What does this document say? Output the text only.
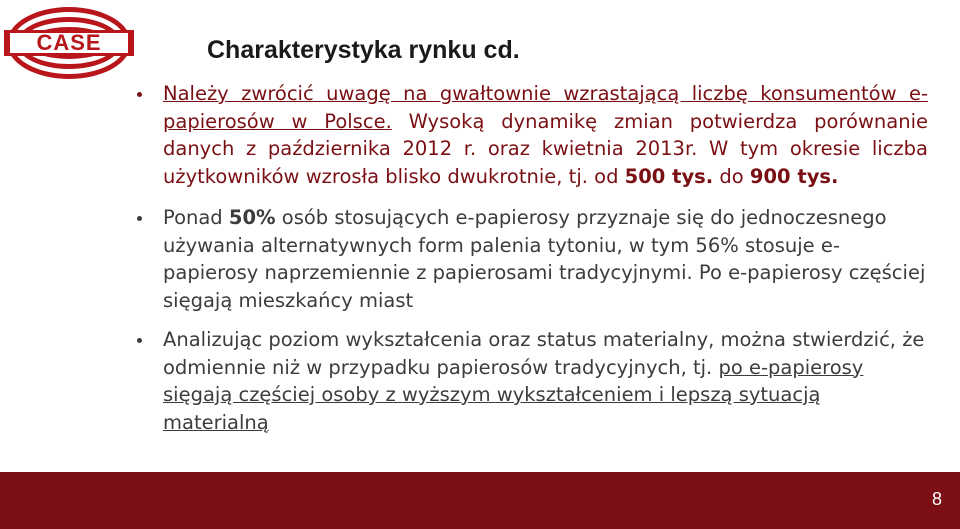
CASE	Charakterystyka rynku cd.
Należy zwrócić uwagę na gwałtownie wzrastającą liczbę konsumentów e-papierosów w Polsce. Wysoką dynamikę zmian potwierdza porównanie danych z października 2012 r. oraz kwietnia 2013r. W tym okresie liczba użytkowników wzrosła blisko dwukrotnie, tj. od 500 tys. do 900 tys.
Ponad 50% osób stosujących e-papierosy przyznaje się do jednoczesnego używania alternatywnych form palenia tytoniu, w tym 56% stosuje e-papierosy naprzemiennie z papierosami tradycyjnymi. Po e-papierosy częściej sięgają mieszkańcy miast
Analizując poziom wykształcenia oraz status materialny, można stwierdzić, że odmiennie niż w przypadku papierosów tradycyjnych, tj. po e-papierosy sięgają częściej osoby z wyższym wykształceniem i lepszą sytuacją materialną
8
